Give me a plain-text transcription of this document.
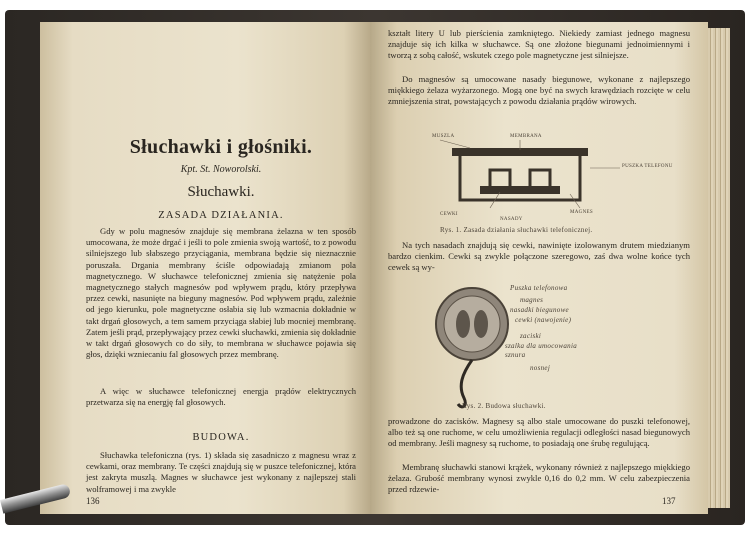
Słuchawki i głośniki.
Kpt. St. Noworolski.
Słuchawki.
ZASADA DZIAŁANIA.
Gdy w polu magnesów znajduje się membrana żelazna w ten sposób umocowana, że może drgać i jeśli to pole zmienia swoją wartość, to z powodu silniejszego lub słabszego przyciągania, membrana będzie się nieznacznie poruszała. Drgania membrany ściśle odpowiadają zmianom pola magnetycznego. W słuchawce telefonicznej zmienia się natężenie pola magnetycznego stałych magnesów pod wpływem prądu, który przepływa przez cewki, nasunięte na bieguny magnesów. Pod wpływem prądu, zależnie od jego kierunku, pole magnetyczne osłabia się lub wzmacnia dokładnie w takt drgań głosowych, a tem samem przyciąga słabiej lub mocniej membranę. Zatem jeśli prąd, przepływający przez cewki słuchawki, zmienia się dokładnie w takt drgań głosowych co do siły, to membrana w słuchawce pojawia się głos, dzięki wzniecaniu fal głosowych przez membranę.
A więc w słuchawce telefonicznej energja prądów elektrycznych przetwarza się na energję fal głosowych.
BUDOWA.
Słuchawka telefoniczna (rys. 1) składa się zasadniczo z magnesu wraz z cewkami, oraz membrany. Te części znajdują się w puszce telefonicznej, która jest zakryta muszlą. Magnes w słuchawce jest wykonany z najlepszej stali wolframowej i ma zwykle
136
kształt litery U lub pierścienia zamkniętego. Niekiedy zamiast jednego magnesu znajduje się ich kilka w słuchawce. Są one złożone biegunami jednoimiennymi i tworzą z sobą całość, wskutek czego pole magnetyczne jest silniejsze.
Do magnesów są umocowane nasady biegunowe, wykonane z najlepszego miękkiego żelaza wyżarzonego. Mogą one być na swych krawędziach rozcięte w celu zmniejszenia strat, powstających z powodu działania prądów wirowych.
MUSZLA	MEMBRANA
PUSZKA TELEFONU
CEWKI	MAGNES
NASADY
Rys. 1. Zasada działania słuchawki telefonicznej.
Na tych nasadach znajdują się cewki, nawinięte izolowanym drutem miedzianym bardzo cienkim. Cewki są zwykle połączone szeregowo, zaś dwa wolne końce tych cewek są wy-
Puszka telefonowa
magnes
nasadki biegunowe
cewki (nawojenie)
zaciski
szalka dla umocowania sznura
nosnej
Rys. 2. Budowa słuchawki.
prowadzone do zacisków. Magnesy są albo stale umocowane do puszki telefonowej, albo też są one ruchome, w celu umożliwienia regulacji odległości nasad biegunowych od membrany. Jeśli magnesy są ruchome, to posiadają one śrubę regulującą.
Membranę słuchawki stanowi krążek, wykonany również z najlepszego miękkiego żelaza. Grubość membrany wynosi zwykle 0,16 do 0,2 mm. W celu zabezpieczenia przed rdzewie-
137
